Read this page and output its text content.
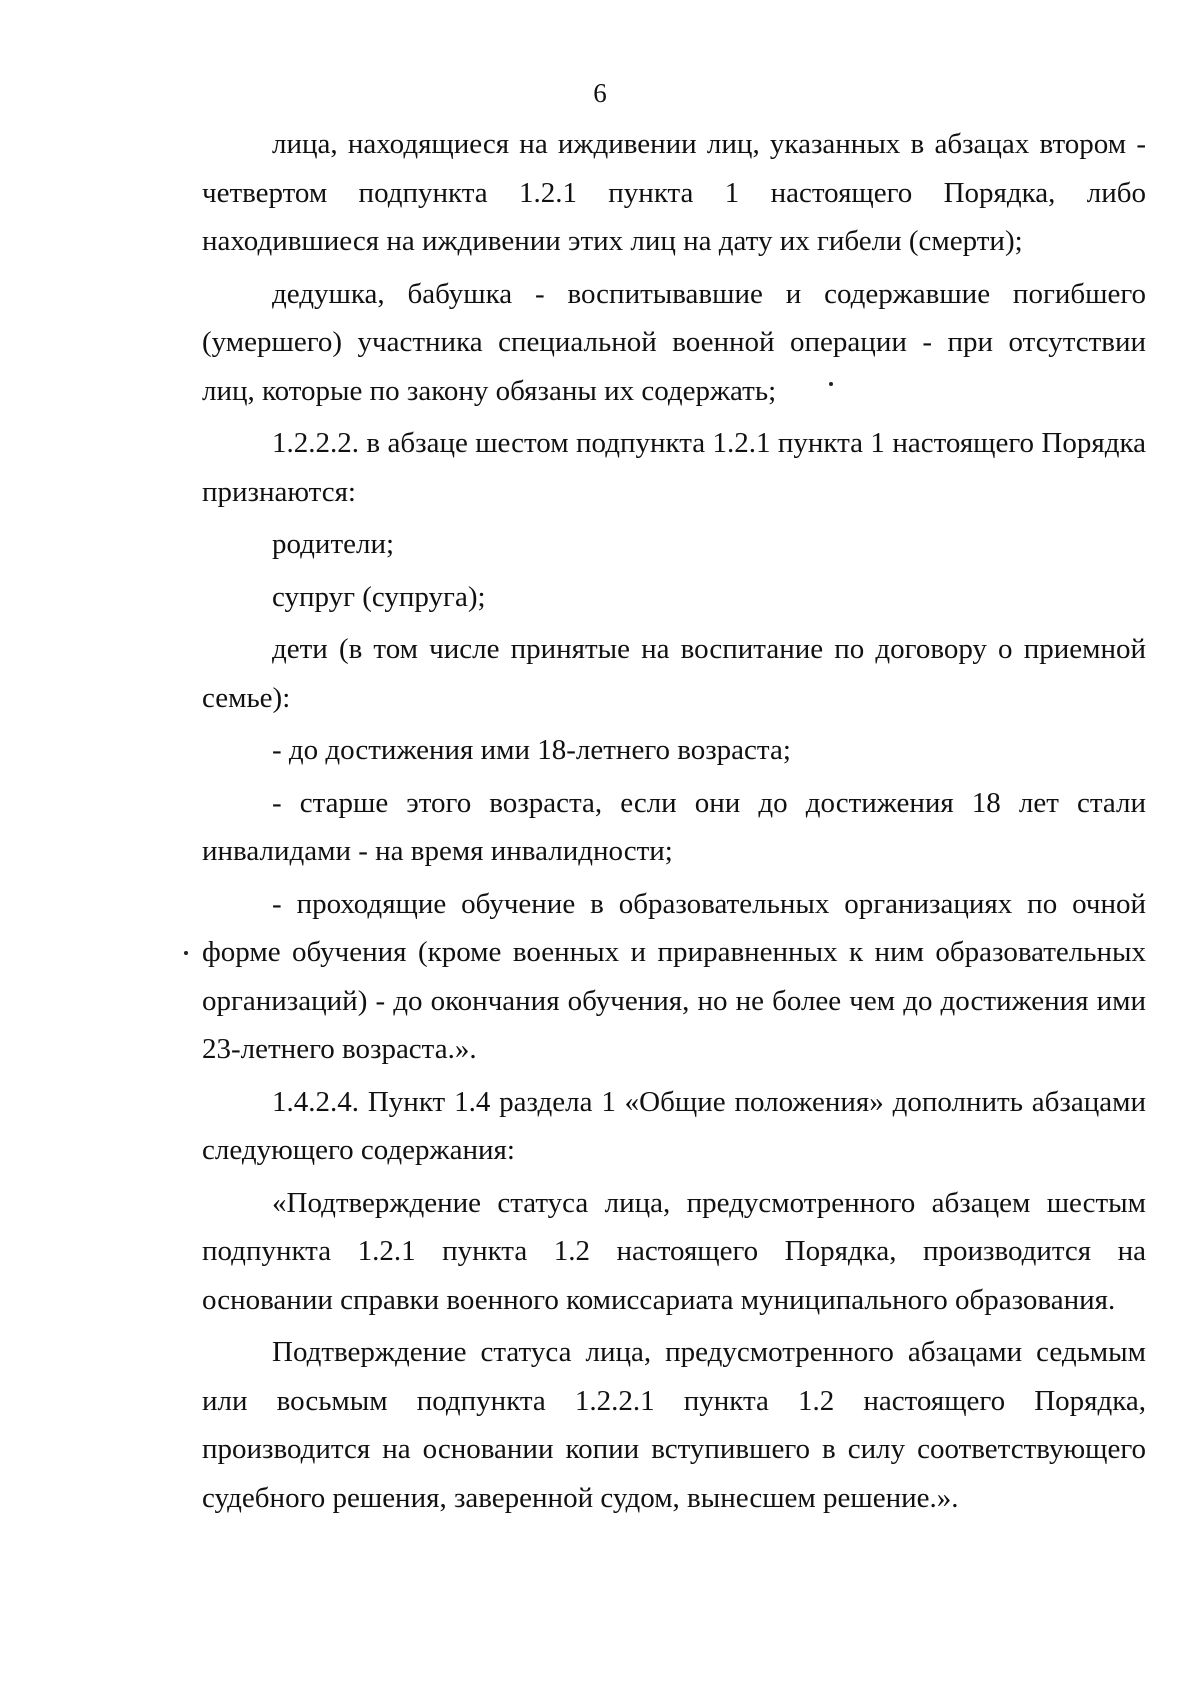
6

лица, находящиеся на иждивении лиц, указанных в абзацах втором - четвертом подпункта 1.2.1 пункта 1 настоящего Порядка, либо находившиеся на иждивении этих лиц на дату их гибели (смерти);

дедушка, бабушка - воспитывавшие и содержавшие погибшего (умершего) участника специальной военной операции - при отсутствии лиц, которые по закону обязаны их содержать;

1.2.2.2. в абзаце шестом подпункта 1.2.1 пункта 1 настоящего Порядка признаются:

родители;

супруг (супруга);

дети (в том числе принятые на воспитание по договору о приемной семье):

- до достижения ими 18-летнего возраста;

- старше этого возраста, если они до достижения 18 лет стали инвалидами - на время инвалидности;

- проходящие обучение в образовательных организациях по очной форме обучения (кроме военных и приравненных к ним образовательных организаций) - до окончания обучения, но не более чем до достижения ими 23-летнего возраста.».

1.4.2.4. Пункт 1.4 раздела 1 «Общие положения» дополнить абзацами следующего содержания:

«Подтверждение статуса лица, предусмотренного абзацем шестым подпункта 1.2.1 пункта 1.2 настоящего Порядка, производится на основании справки военного комиссариата муниципального образования.

Подтверждение статуса лица, предусмотренного абзацами седьмым или восьмым подпункта 1.2.2.1 пункта 1.2 настоящего Порядка, производится на основании копии вступившего в силу соответствующего судебного решения, заверенной судом, вынесшем решение.».
